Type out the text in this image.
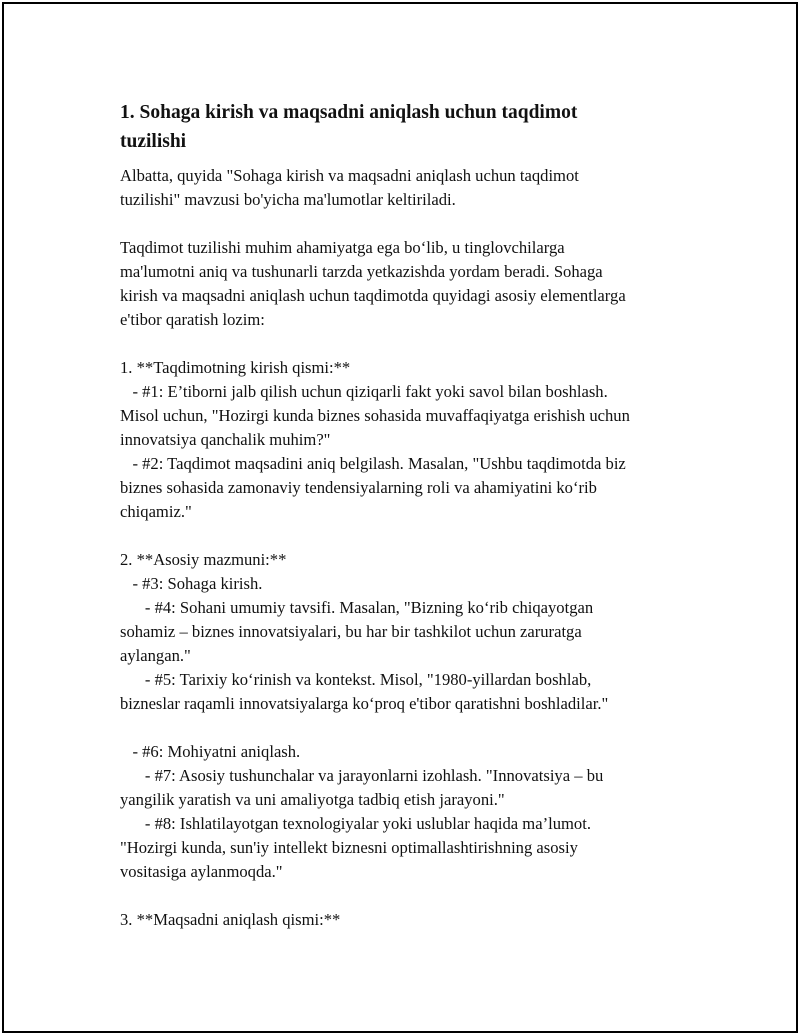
1. Sohaga kirish va maqsadni aniqlash uchun taqdimot
tuzilishi
Albatta, quyida "Sohaga kirish va maqsadni aniqlash uchun taqdimot
tuzilishi" mavzusi bo'yicha ma'lumotlar keltiriladi.
Taqdimot tuzilishi muhim ahamiyatga ega bo‘lib, u tinglovchilarga
ma'lumotni aniq va tushunarli tarzda yetkazishda yordam beradi. Sohaga
kirish va maqsadni aniqlash uchun taqdimotda quyidagi asosiy elementlarga
e'tibor qaratish lozim:
1. **Taqdimotning kirish qismi:**
- #1: E’tiborni jalb qilish uchun qiziqarli fakt yoki savol bilan boshlash.
Misol uchun, "Hozirgi kunda biznes sohasida muvaffaqiyatga erishish uchun
innovatsiya qanchalik muhim?"
- #2: Taqdimot maqsadini aniq belgilash. Masalan, "Ushbu taqdimotda biz
biznes sohasida zamonaviy tendensiyalarning roli va ahamiyatini ko‘rib
chiqamiz."
2. **Asosiy mazmuni:**
- #3: Sohaga kirish.
- #4: Sohani umumiy tavsifi. Masalan, "Bizning ko‘rib chiqayotgan
sohamiz – biznes innovatsiyalari, bu har bir tashkilot uchun zaruratga
aylangan."
- #5: Tarixiy ko‘rinish va kontekst. Misol, "1980-yillardan boshlab,
bizneslar raqamli innovatsiyalarga ko‘proq e'tibor qaratishni boshladilar."
- #6: Mohiyatni aniqlash.
- #7: Asosiy tushunchalar va jarayonlarni izohlash. "Innovatsiya – bu
yangilik yaratish va uni amaliyotga tadbiq etish jarayoni."
- #8: Ishlatilayotgan texnologiyalar yoki uslublar haqida ma’lumot.
"Hozirgi kunda, sun'iy intellekt biznesni optimallashtirishning asosiy
vositasiga aylanmoqda."
3. **Maqsadni aniqlash qismi:**
